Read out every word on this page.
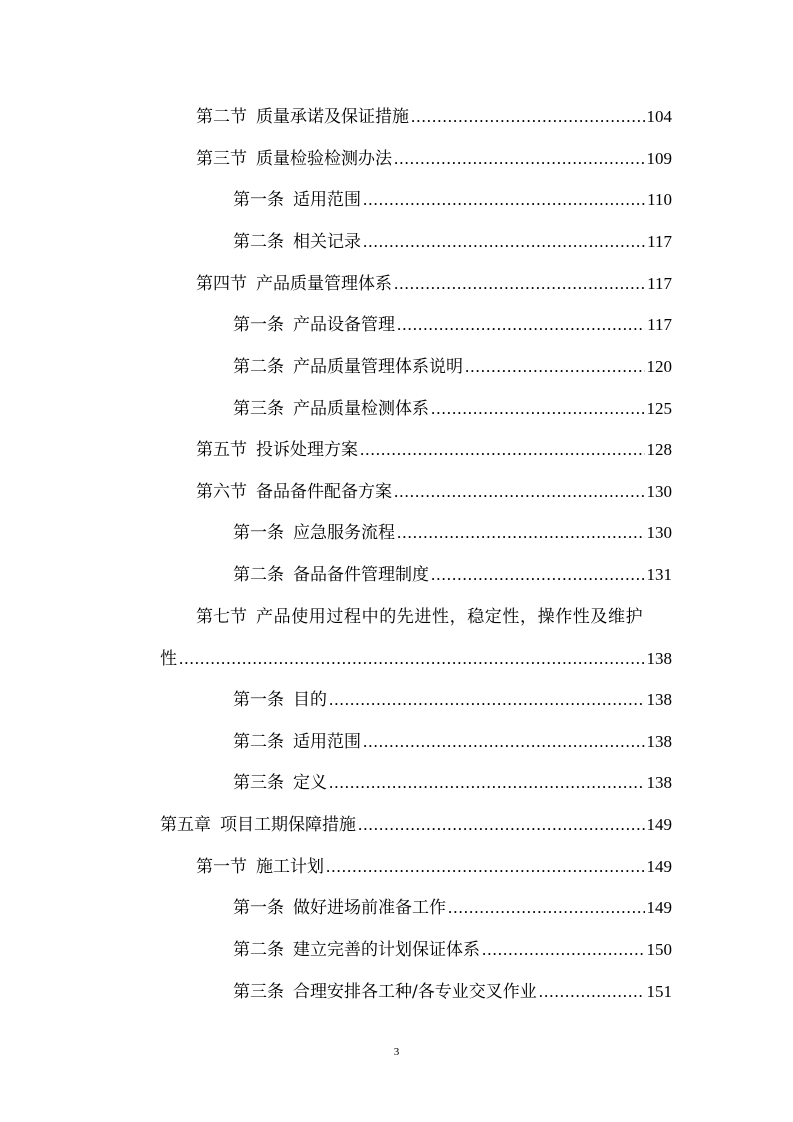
第二节 质量承诺及保证措施 .....	104
第三节 质量检验检测办法 .....	109
第一条 适用范围 .....	110
第二条 相关记录 .....	117
第四节 产品质量管理体系 .....	117
第一条 产品设备管理 .....	117
第二条 产品质量管理体系说明 .....	120
第三条 产品质量检测体系 .....	125
第五节 投诉处理方案 .....	128
第六节 备品备件配备方案 .....	130
第一条 应急服务流程 .....	130
第二条 备品备件管理制度 .....	131
第七节 产品使用过程中的先进性，稳定性，操作性及维护
性 .....	138
第一条 目的 .....	138
第二条 适用范围 .....	138
第三条 定义 .....	138
第五章 项目工期保障措施 .....	149
第一节 施工计划 .....	149
第一条 做好进场前准备工作 .....	149
第二条 建立完善的计划保证体系 .....	150
第三条 合理安排各工种/各专业交叉作业 .....	151
3
